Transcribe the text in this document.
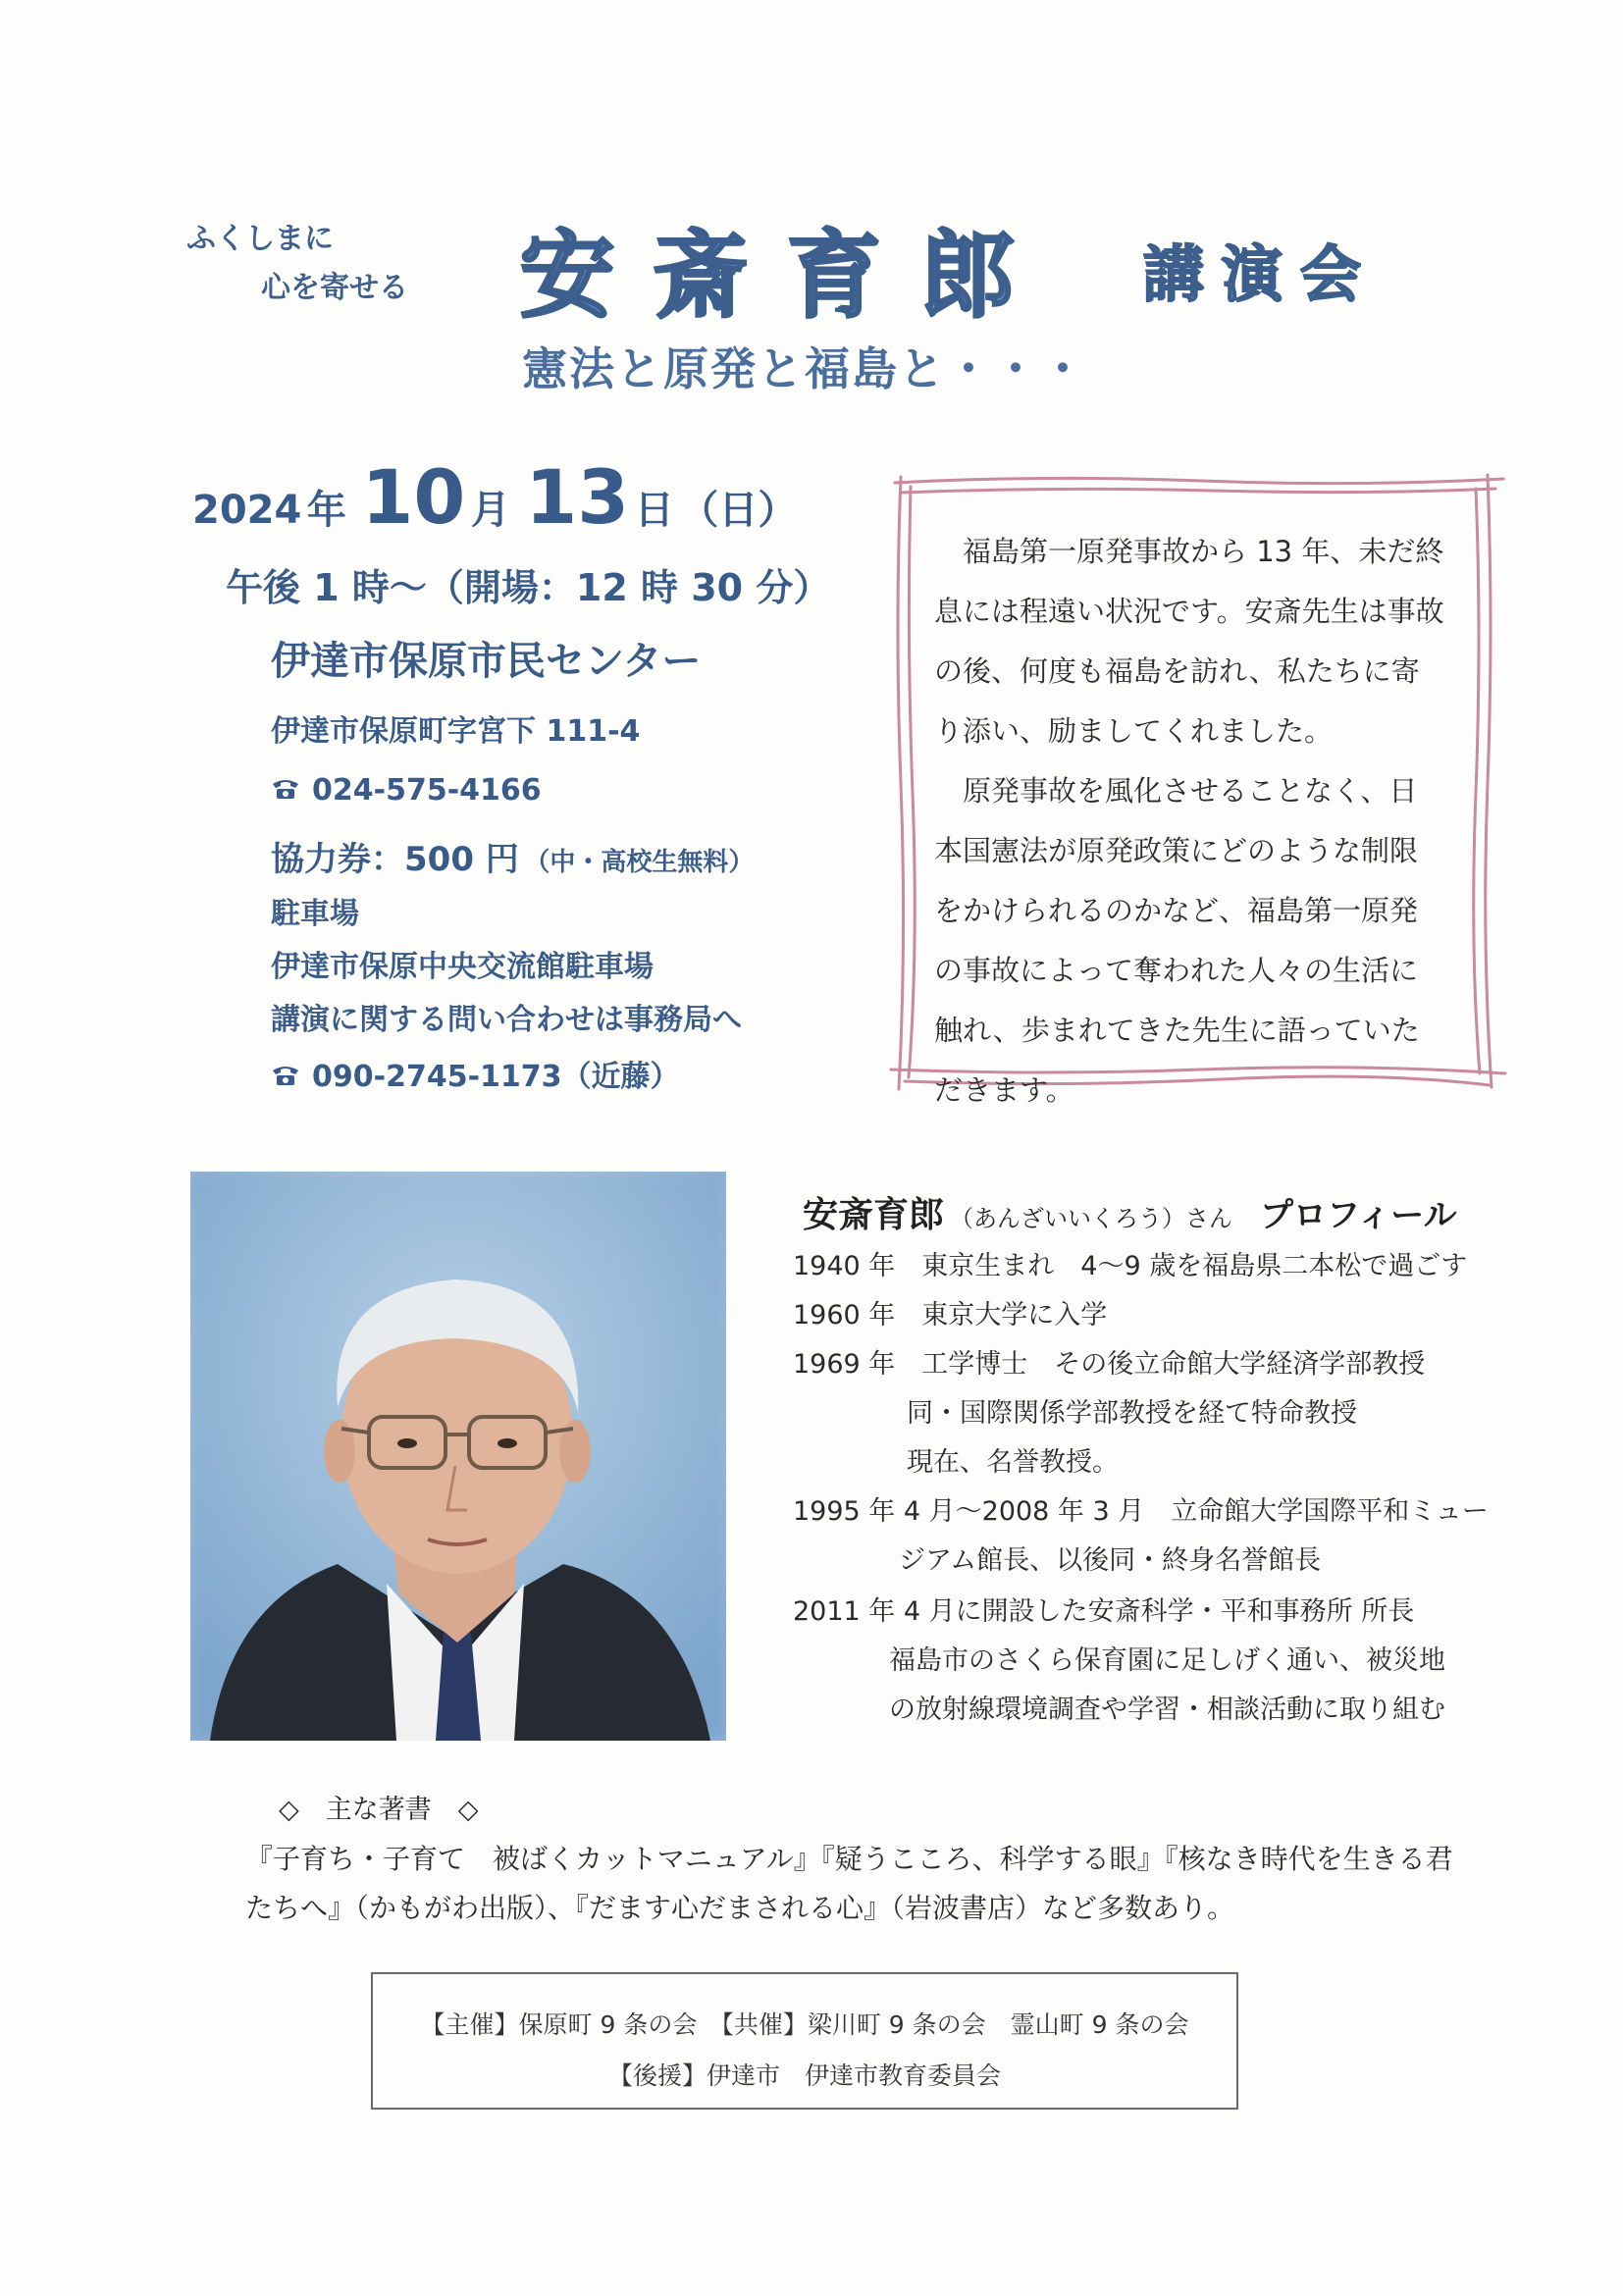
ふくしまに
心を寄せる 安斎育郎 講演会
憲法と原発と福島と・・・
2024 年 10 月 13 日 （日）
午後 1 時～（開場：12 時 30 分）
伊達市保原市民センター
伊達市保原町字宮下 111-4
024-575-4166
協力券：500 円 （中・高校生無料）
駐車場
伊達市保原中央交流館駐車場
講演に関する問い合わせは事務局へ
090-2745-1173（近藤）

福島第一原発事故から 13 年、未だ終息には程遠い状況です。安斎先生は事故の後、何度も福島を訪れ、私たちに寄り添い、励ましてくれました。

原発事故を風化させることなく、日本国憲法が原発政策にどのような制限をかけられるのかなど、福島第一原発の事故によって奪われた人々の生活に触れ、歩まれてきた先生に語っていただきます。

安斎育郎 （あんざいいくろう）さん プロフィール
1940 年　東京生まれ　4～9 歳を福島県二本松で過ごす
1960 年　東京大学に入学
1969 年　工学博士　その後立命館大学経済学部教授
同・国際関係学部教授を経て特命教授
現在、名誉教授。
1995 年 4 月～2008 年 3 月　立命館大学国際平和ミュー
ジアム館長、以後同・終身名誉館長
2011 年 4 月に開設した安斎科学・平和事務所 所長
福島市のさくら保育園に足しげく通い、被災地
の放射線環境調査や学習・相談活動に取り組む
◇　主な著書　◇
『子育ち・子育て　被ばくカットマニュアル』『疑うこころ、科学する眼』『核なき時代を生きる君たちへ』（かもがわ出版）、『だます心だまされる心』（岩波書店）など多数あり。
【主催】保原町 9 条の会　【共催】梁川町 9 条の会　霊山町 9 条の会
【後援】伊達市　伊達市教育委員会
